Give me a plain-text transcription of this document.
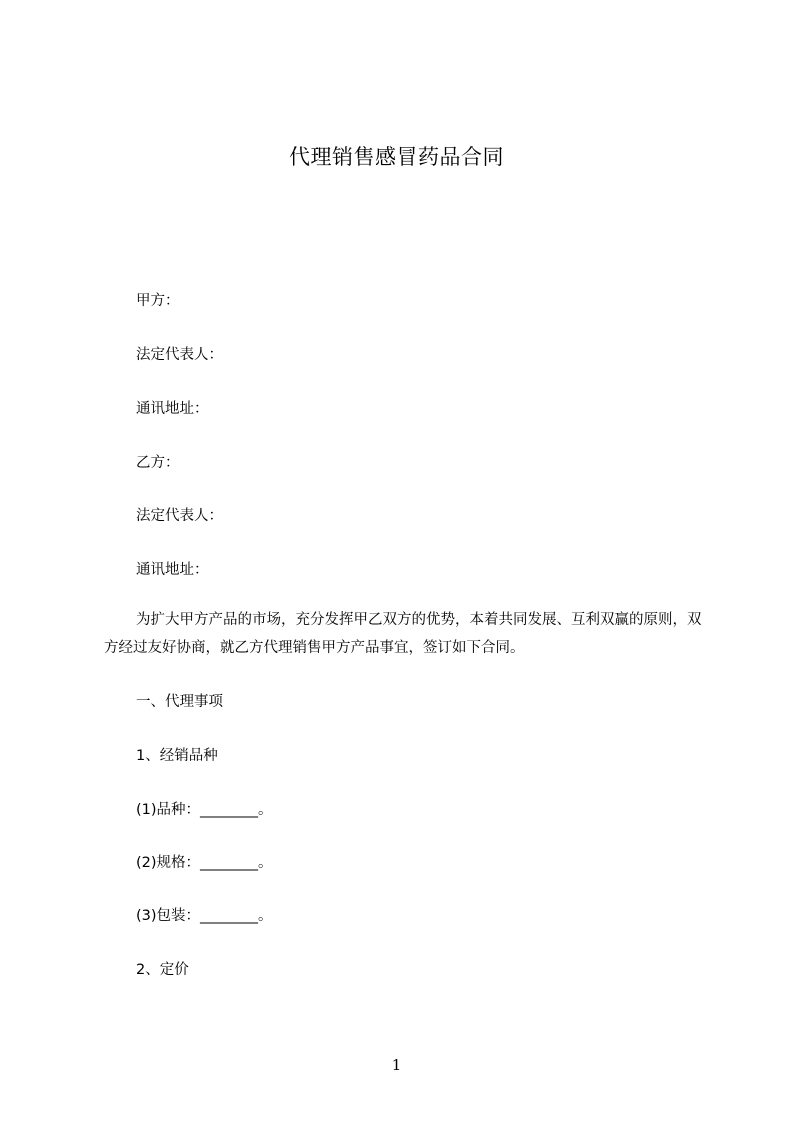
代理销售感冒药品合同
甲方：
法定代表人：
通讯地址：
乙方：
法定代表人：
通讯地址：
为扩大甲方产品的市场，充分发挥甲乙双方的优势，本着共同发展、互利双赢的原则，双方经过友好协商，就乙方代理销售甲方产品事宜，签订如下合同。
一、代理事项
1、经销品种
(1)品种：________。
(2)规格：________。
(3)包装：________。
2、定价
1
